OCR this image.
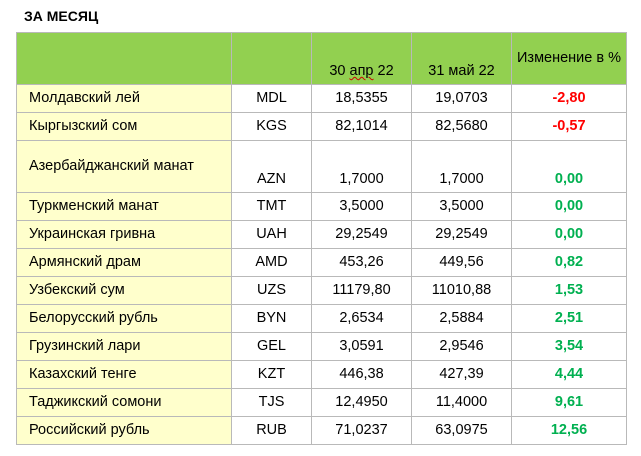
ЗА МЕСЯЦ
		30 апр 22	31 май 22	Изменение в %
Молдавский лей	MDL	18,5355	19,0703	-2,80
Кыргызский сом	KGS	82,1014	82,5680	-0,57
Азербайджанский манат	AZN	1,7000	1,7000	0,00
Туркменский манат	TMT	3,5000	3,5000	0,00
Украинская гривна	UAH	29,2549	29,2549	0,00
Армянский драм	AMD	453,26	449,56	0,82
Узбекский сум	UZS	11179,80	11010,88	1,53
Белорусский рубль	BYN	2,6534	2,5884	2,51
Грузинский лари	GEL	3,0591	2,9546	3,54
Казахский тенге	KZT	446,38	427,39	4,44
Таджикский сомони	TJS	12,4950	11,4000	9,61
Российский рубль	RUB	71,0237	63,0975	12,56
